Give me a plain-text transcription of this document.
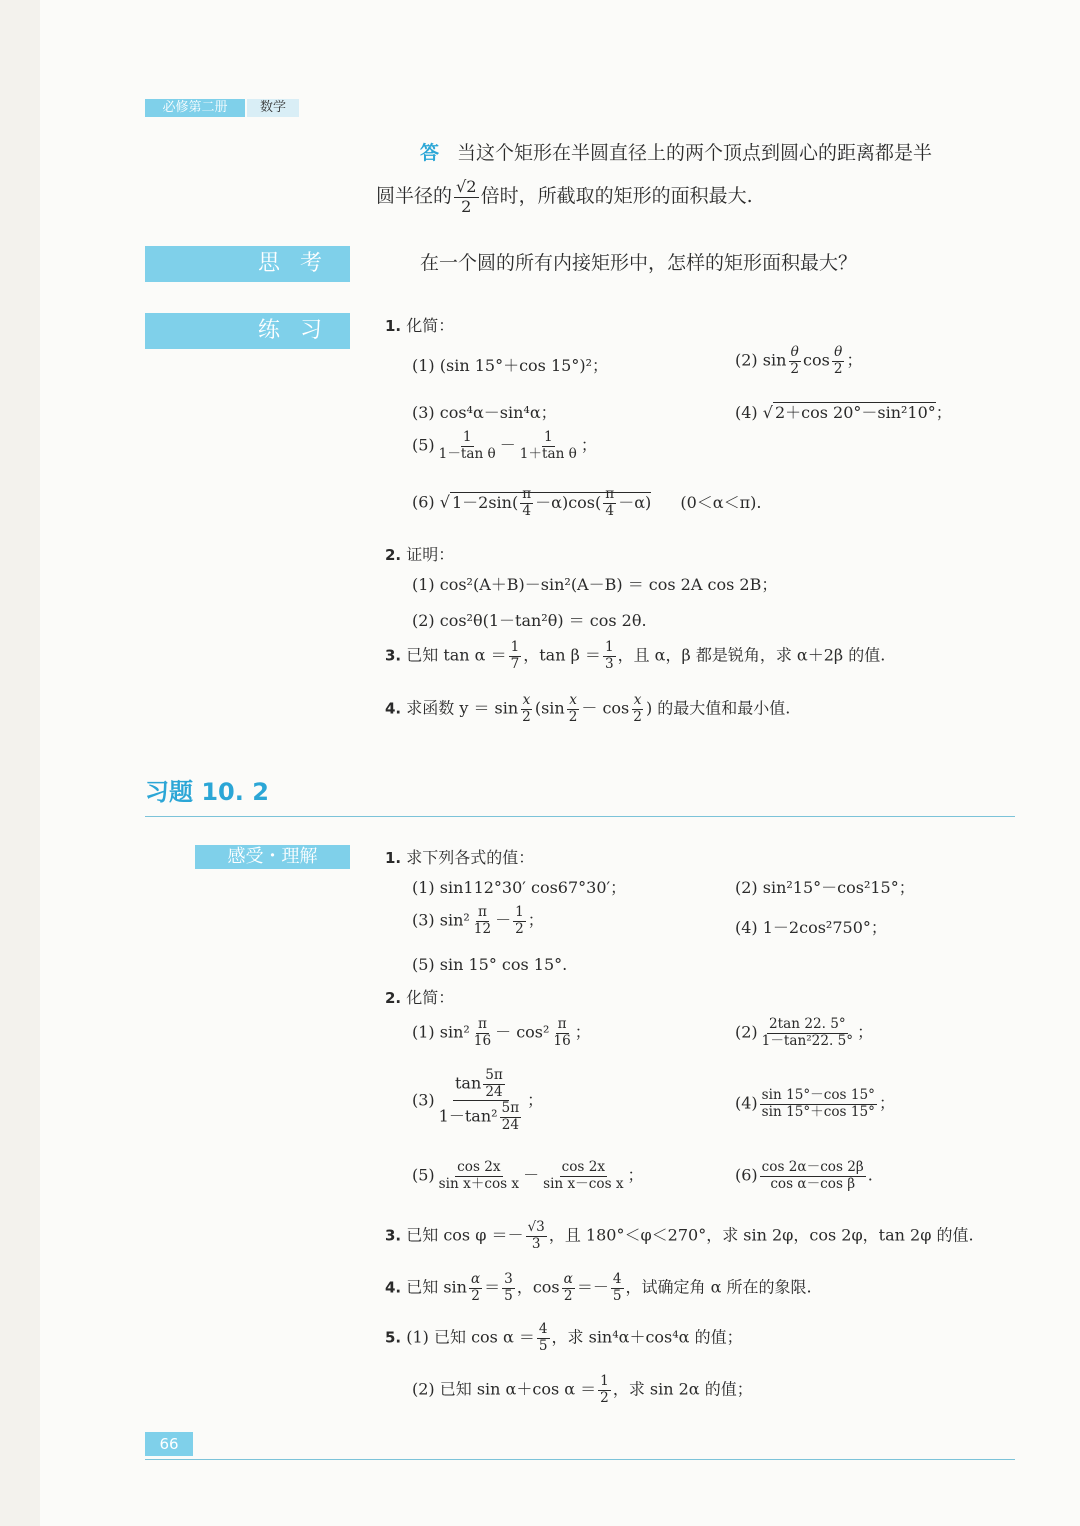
必修第二册	数学
答 当这个矩形在半圆直径上的两个顶点到圆心的距离都是半
圆半径的 $\frac{√2}{2}$ 倍时，所截取的矩形的面积最大.
思考	在一个圆的所有内接矩形中，怎样的矩形面积最大？
练习	1. 化简：
(1) (sin 15°＋cos 15°)²；	(2) $\sin \frac{\theta}{2}$ $\cos \frac{\theta}{2}$ ；
(3) cos⁴α－sin⁴α；	(4) √ 2＋cos 20°－sin²10°；
$(5) \frac{1}{\text{1－tan θ}} - \frac{1}{\text{1＋tan θ}}$ ；
(6) √ $1-2\sin( \frac{\pi}{4} -\alpha)\cos( \frac{\pi}{4} -\alpha)$ (0＜α＜π).
2. 证明：
(1) cos²(A＋B)－sin²(A－B) ＝ cos 2A cos 2B；
(2) cos²θ(1－tan²θ) ＝ cos 2θ.
3. 已知 $\tan \alpha = \frac{1}{7}$ ，$\tan \beta = \frac{1}{3}$ ，且 α，β 都是锐角，求 α＋2β 的值.
4. 求函数 $y = \sin \frac{x}{2} (\sin \frac{x}{2} - \cos \frac{x}{2}$ ) 的最大值和最小值.
习题 10. 2
感受・理解	1. 求下列各式的值：
(1) sin112°30′ cos67°30′；	(2) sin²15°－cos²15°；
(3) $\sin^2 \frac{\pi}{12} - \frac{1}{2}$ ；	(4) 1－2cos²750°；
(5) sin 15° cos 15°.
2. 化简：
(1) $\sin^2 \frac{\pi}{16} - \cos^2 \frac{\pi}{16}$ ；	$(2) \frac{2\tan 22. 5^\circ}{\text{1－tan²22. 5°}}$ ；
$(3) \frac{\tan \frac{5\pi}{24}}{1-\tan^2 \frac{5\pi}{24}}$ ；	$(4) \frac{\sin 15^\circ-\cos 15^\circ}{\sin 15^\circ+\cos 15^\circ}$ ；
$(5) \frac{\cos 2x}{\text{sin x＋cos x}} - \frac{\cos 2x}{\text{sin x－cos x}}$ ；	$(6) \frac{\cos 2\alpha-\cos 2\beta}{\text{cos α－cos β}}$ .
3. 已知 $\cos \varphi =- \frac{√3}{3}$ ，且 180°＜φ＜270°，求 sin 2φ，cos 2φ，tan 2φ 的值.
4. 已知 $\sin \frac{\alpha}{2} = \frac{3}{5}$ ，$\cos \frac{\alpha}{2} =- \frac{4}{5}$ ，试确定角 α 所在的象限.
5. (1) 已知 $\cos \alpha = \frac{4}{5}$ ，求 sin⁴α＋cos⁴α 的值；
(2) 已知 sin α＋cos $\alpha = \frac{1}{2}$ ，求 sin 2α 的值；
66
